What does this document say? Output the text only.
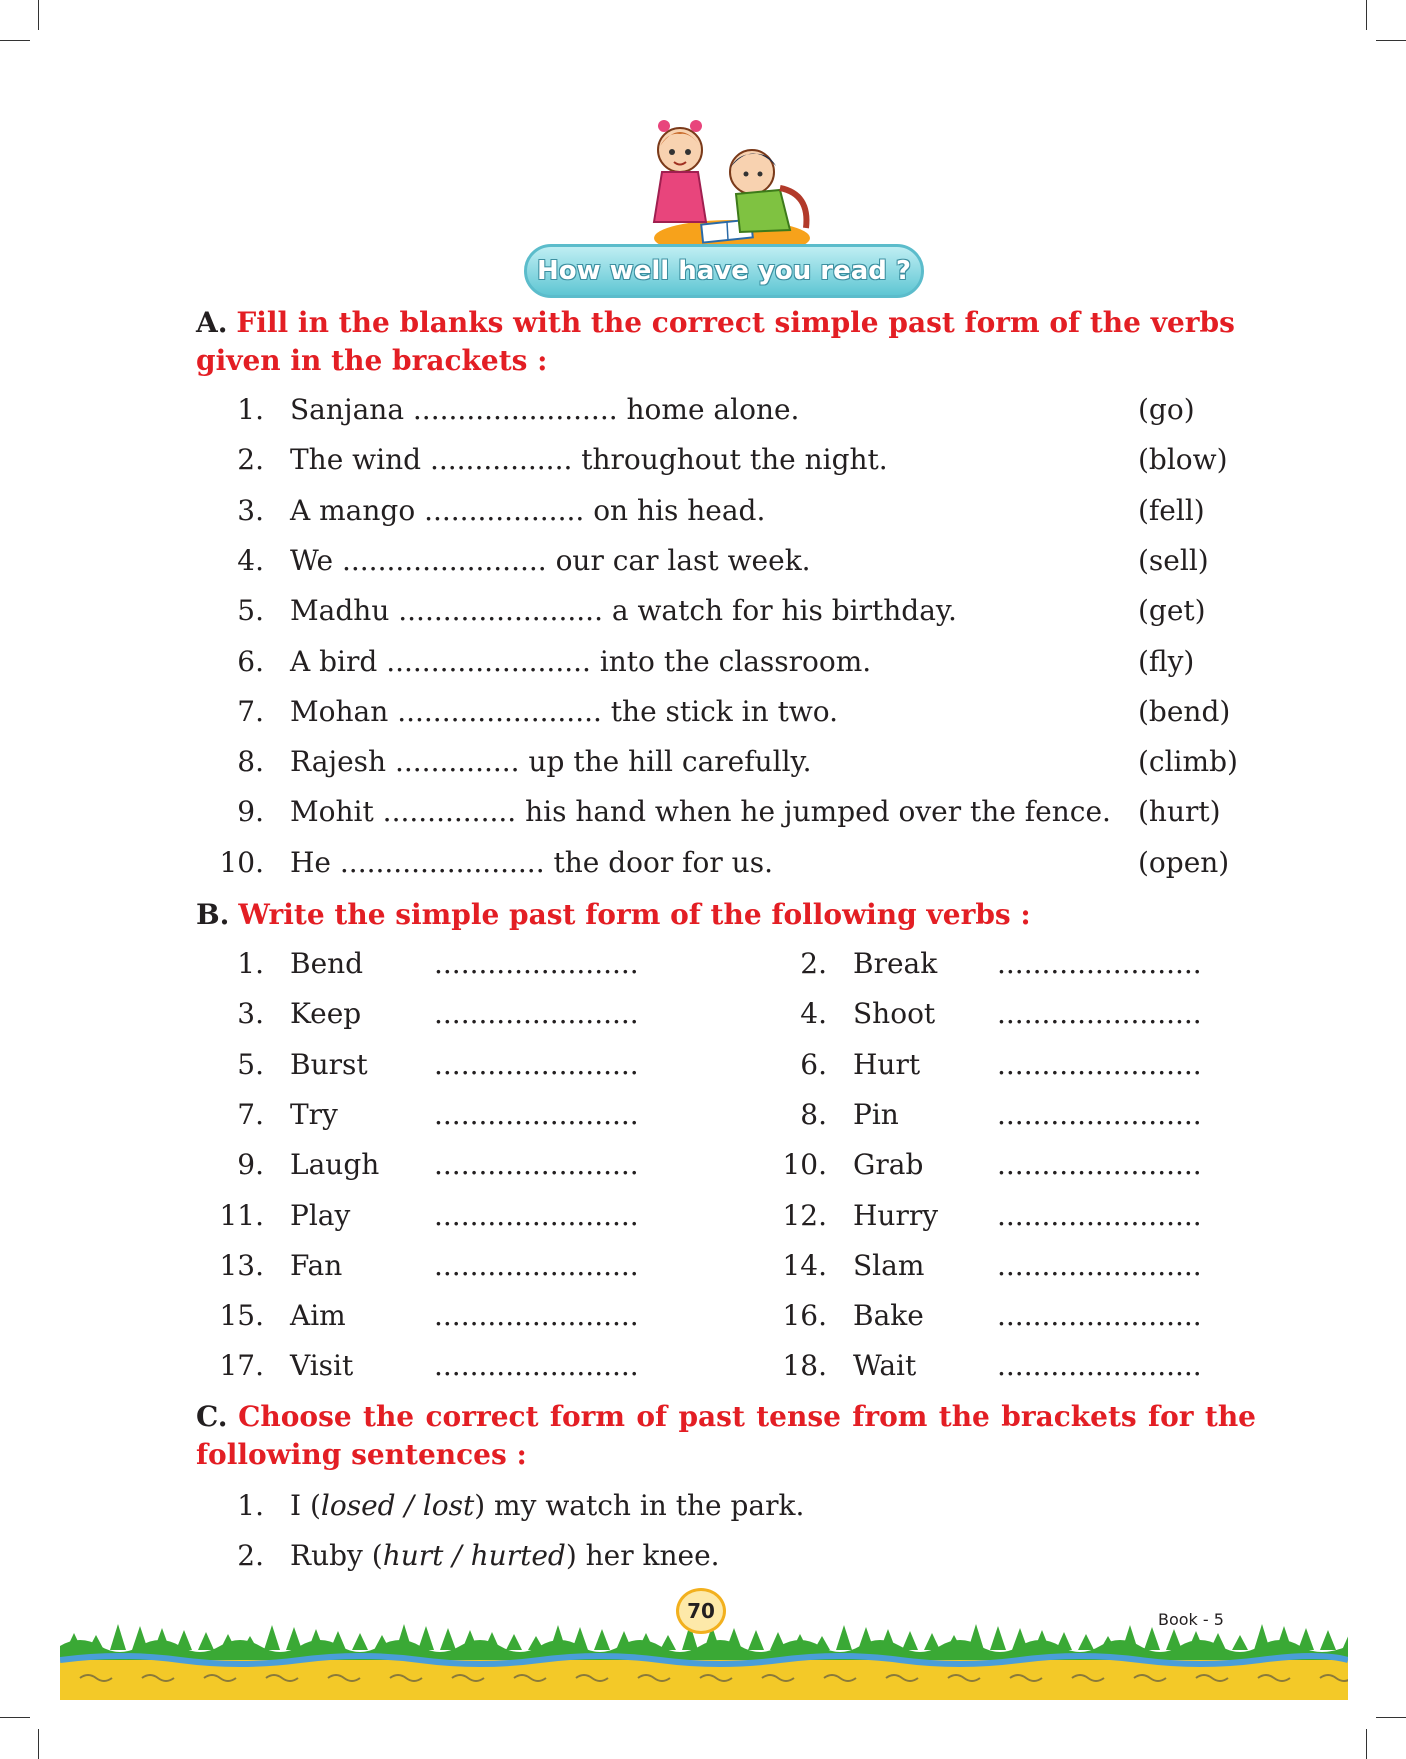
How well have you read ?
A. Fill in the blanks with the correct simple past form of the verbs given in the brackets :
1. Sanjana ....................... home alone.	(go)
2. The wind ................ throughout the night.	(blow)
3. A mango .................. on his head.	(fell)
4. We ....................... our car last week.	(sell)
5. Madhu ....................... a watch for his birthday.	(get)
6. A bird ....................... into the classroom.	(fly)
7. Mohan ....................... the stick in two.	(bend)
8. Rajesh .............. up the hill carefully.	(climb)
9. Mohit ............... his hand when he jumped over the fence. (hurt)
10. He ....................... the door for us.	(open)
B. Write the simple past form of the following verbs :
1. Bend	.......................	2. Break .......................
3. Keep	.......................	4. Shoot .......................
5. Burst .......................	6. Hurt	.......................
7. Try	.......................	8. Pin	.......................
9. Laugh .......................	10. Grab	.......................
11. Play	.......................	12. Hurry .......................
13. Fan	.......................	14. Slam	.......................
15. Aim	.......................	16. Bake	.......................
17. Visit	.......................	18. Wait	.......................
C. Choose the correct form of past tense from the brackets for the following sentences :
1. I (losed / lost) my watch in the park.
2. Ruby (hurt / hurted) her knee.
70	Book - 5
